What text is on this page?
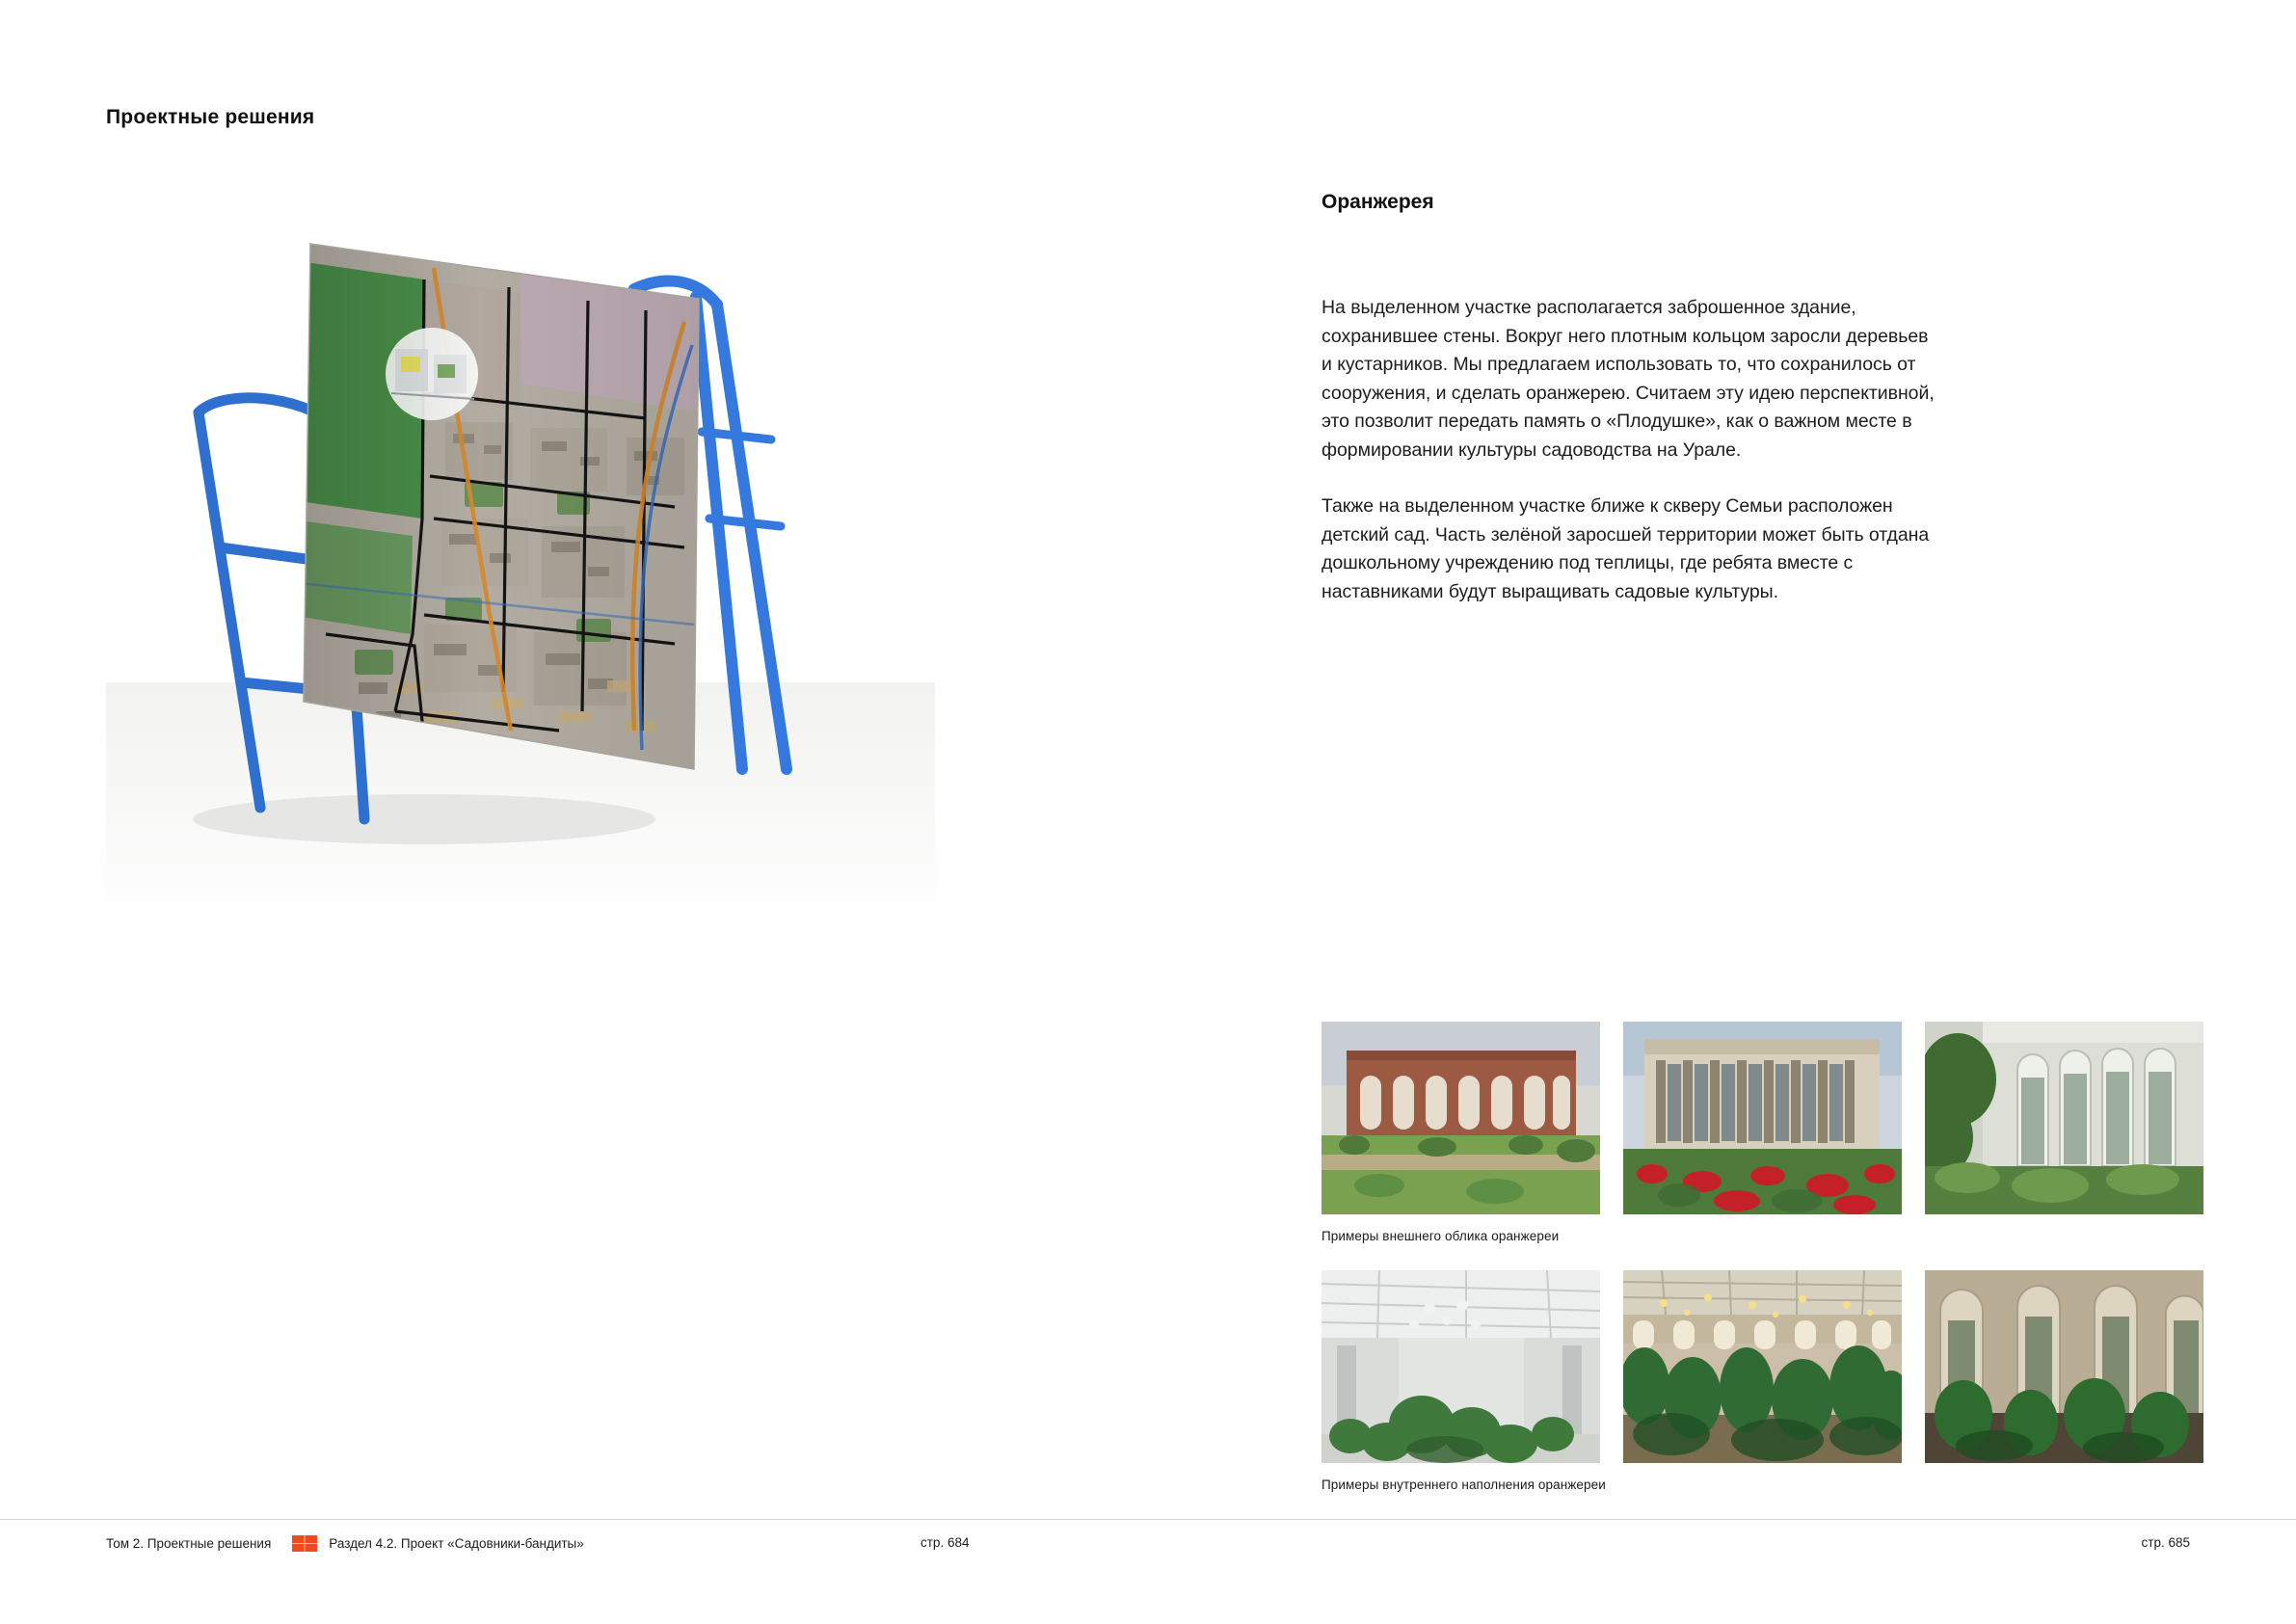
Проектные решения
Оранжерея

На выделенном участке располагается заброшенное здание, сохранившее стены. Вокруг него плотным кольцом заросли деревьев и кустарников. Мы предлагаем использовать то, что сохранилось от сооружения, и сделать оранжерею. Считаем эту идею перспективной, это позволит передать память о «Плодушке», как о важном месте в формировании культуры садоводства на Урале.

Также на выделенном участке ближе к скверу Семьи расположен детский сад. Часть зелёной заросшей территории может быть отдана дошкольному учреждению под теплицы, где ребята вместе с наставниками будут выращивать садовые культуры.

Примеры внешнего облика оранжереи
Примеры внутреннего наполнения оранжереи
Том 2. Проектные решения	Раздел 4.2. Проект «Садовники-бандиты»	стр. 684	стр. 685
